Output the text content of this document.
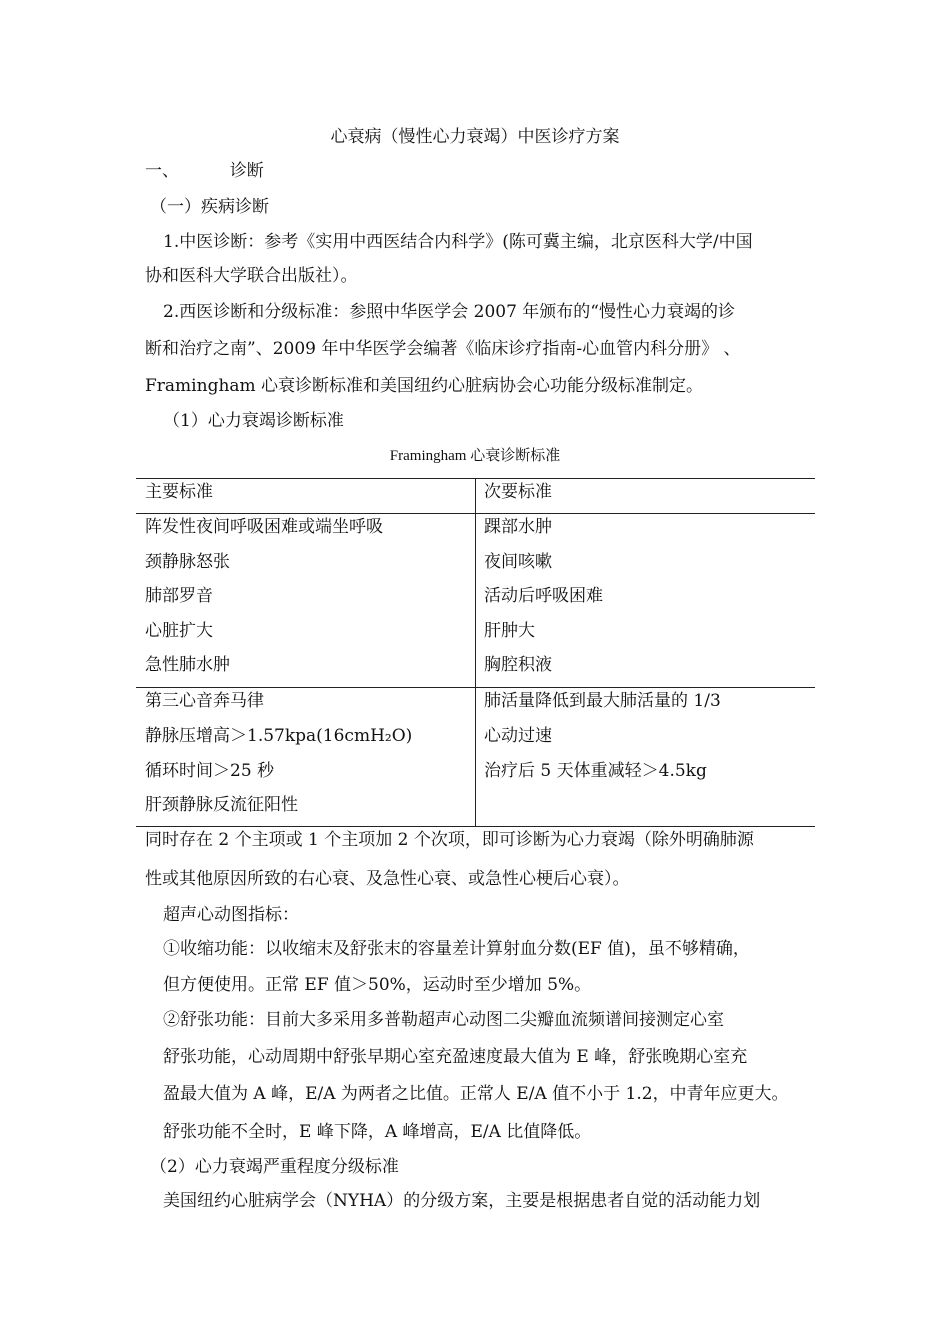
心衰病（慢性心力衰竭）中医诊疗方案
一、	诊断
（一）疾病诊断
1.中医诊断：参考《实用中西医结合内科学》(陈可冀主编，北京医科大学/中国
协和医科大学联合出版社）。
2.西医诊断和分级标准：参照中华医学会 2007 年颁布的“慢性心力衰竭的诊
断和治疗之南”、2009 年中华医学会编著《临床诊疗指南-心血管内科分册》 、
Framingham 心衰诊断标准和美国纽约心脏病协会心功能分级标准制定。
（1）心力衰竭诊断标准
Framingham 心衰诊断标准
主要标准	次要标准
阵发性夜间呼吸困难或端坐呼吸
颈静脉怒张
肺部罗音
心脏扩大
急性肺水肿
踝部水肿
夜间咳嗽
活动后呼吸困难
肝肿大
胸腔积液
第三心音奔马律
静脉压增高＞1.57kpa(16cmH₂O)
循环时间＞25 秒
肝颈静脉反流征阳性
肺活量降低到最大肺活量的 1/3
心动过速
治疗后 5 天体重减轻＞4.5kg
同时存在 2 个主项或 1 个主项加 2 个次项，即可诊断为心力衰竭（除外明确肺源
性或其他原因所致的右心衰、及急性心衰、或急性心梗后心衰）。
超声心动图指标：
①收缩功能：以收缩末及舒张末的容量差计算射血分数(EF 值)，虽不够精确，
但方便使用。正常 EF 值＞50%，运动时至少增加 5%。
②舒张功能：目前大多采用多普勒超声心动图二尖瓣血流频谱间接测定心室
舒张功能，心动周期中舒张早期心室充盈速度最大值为 E 峰，舒张晚期心室充
盈最大值为 A 峰，E/A 为两者之比值。正常人 E/A 值不小于 1.2，中青年应更大。
舒张功能不全时，E 峰下降，A 峰增高，E/A 比值降低。
（2）心力衰竭严重程度分级标准
美国纽约心脏病学会（NYHA）的分级方案，主要是根据患者自觉的活动能力划
